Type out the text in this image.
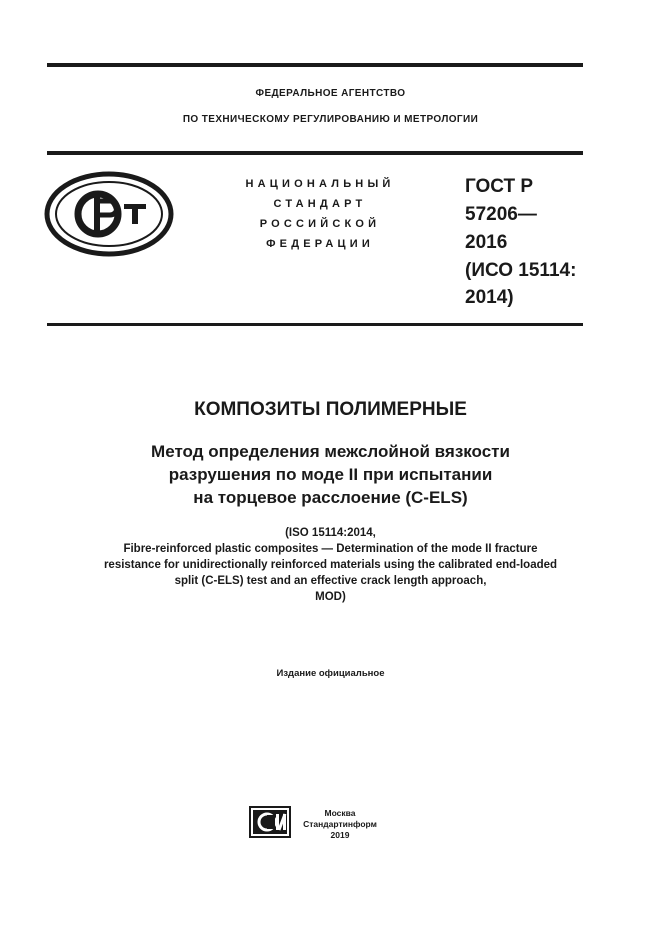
ФЕДЕРАЛЬНОЕ АГЕНТСТВО
ПО ТЕХНИЧЕСКОМУ РЕГУЛИРОВАНИЮ И МЕТРОЛОГИИ
НАЦИОНАЛЬНЫЙ
СТАНДАРТ
РОССИЙСКОЙ
ФЕДЕРАЦИИ
ГОСТ Р
57206—
2016
(ИСО 15114:
2014)
КОМПОЗИТЫ ПОЛИМЕРНЫЕ
Метод определения межслойной вязкости
разрушения по моде II при испытании
на торцевое расслоение (C-ELS)
(ISO 15114:2014,
Fibre-reinforced plastic composites — Determination of the mode II fracture
resistance for unidirectionally reinforced materials using the calibrated end-loaded
split (C-ELS) test and an effective crack length approach,
MOD)
Издание официальное
Москва
Стандартинформ
2019
